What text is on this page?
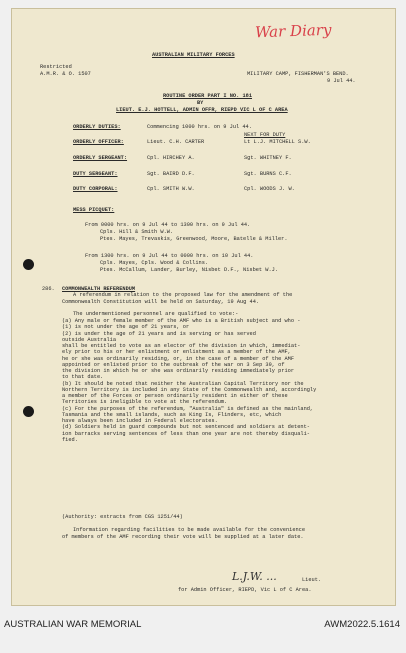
War Diary
AUSTRALIAN MILITARY FORCES
Restricted
A.M.R. & O. 1507	MILITARY CAMP, FISHERMAN'S BEND.
9 Jul 44.
ROUTINE ORDER PART I NO. 181
BY
LIEUT. E.J. HOTTELL, ADMIN OFFR, RIEPD VIC L OF C AREA
NEXT FOR DUTY
ORDERLY DUTIES:	Commencing 1000 hrs. on 9 Jul 44.
ORDERLY OFFICER:	Lieut. C.H. CARTER	Lt L.J. MITCHELL S.W.
ORDERLY SERGEANT:	Cpl. HIRCHEY A.	Sgt. WHITNEY F.
DUTY SERGEANT:	Sgt. BAIRD D.F.	Sgt. BURNS C.F.
DUTY CORPORAL:	Cpl. SMITH W.W.	Cpl. WOODS J. W.
MESS PICQUET:
From 0000 hrs. on 9 Jul 44 to 1300 hrs. on 9 Jul 44.
Cpls. Hill & Smith W.W.
Ptes. Mayes, Trevaskis, Greenwood, Moore, Batelle & Miller.
From 1300 hrs. on 9 Jul 44 to 0000 hrs. on 10 Jul 44.
Cpls. Mayes, Cpls. Wood & Collins.
Ptes. McCallum, Lander, Burley, Nisbet D.F., Nisbet W.J.
286. COMMONWEALTH REFERENDUM
A referendum in relation to the proposed law for the amendment of the
Commonwealth Constitution will be held on Saturday, 19 Aug 44.
The undermentioned personnel are qualified to vote:-
(a) Any male or female member of the AMF who is a British subject and who -
(1) is not under the age of 21 years, or
(2) is under the age of 21 years and is serving or has served
outside Australia
shall be entitled to vote as an elector of the division in which, immediat-
ely prior to his or her enlistment or enlistment as a member of the AMF,
he or she was ordinarily residing, or, in the case of a member of the AMF
appointed or enlisted prior to the outbreak of the war on 3 Sep 39, of
the division in which he or she was ordinarily residing immediately prior
to that date.
(b) It should be noted that neither the Australian Capital Territory nor the
Northern Territory is included in any State of the Commonwealth and, accordingly
a member of the Forces or person ordinarily resident in either of these
Territories is ineligible to vote at the referendum.
(c) For the purposes of the referendum, "Australia" is defined as the mainland,
Tasmania and the small islands, such as King Is, Flinders, etc, which
have always been included in Federal electorates.
(d) Soldiers held in guard compounds but not sentenced and soldiers at detent-
ion barracks serving sentences of less than one year are not thereby disquali-
fied.
(Authority: extracts from CGS 1251/44)
Information regarding facilities to be made available for the convenience
of members of the AMF recording their vote will be supplied at a later date.
L.J.W. ...	Lieut.
for Admin Officer, RIEPD, Vic L of C Area.
AUSTRALIAN WAR MEMORIAL	AWM2022.5.1614
